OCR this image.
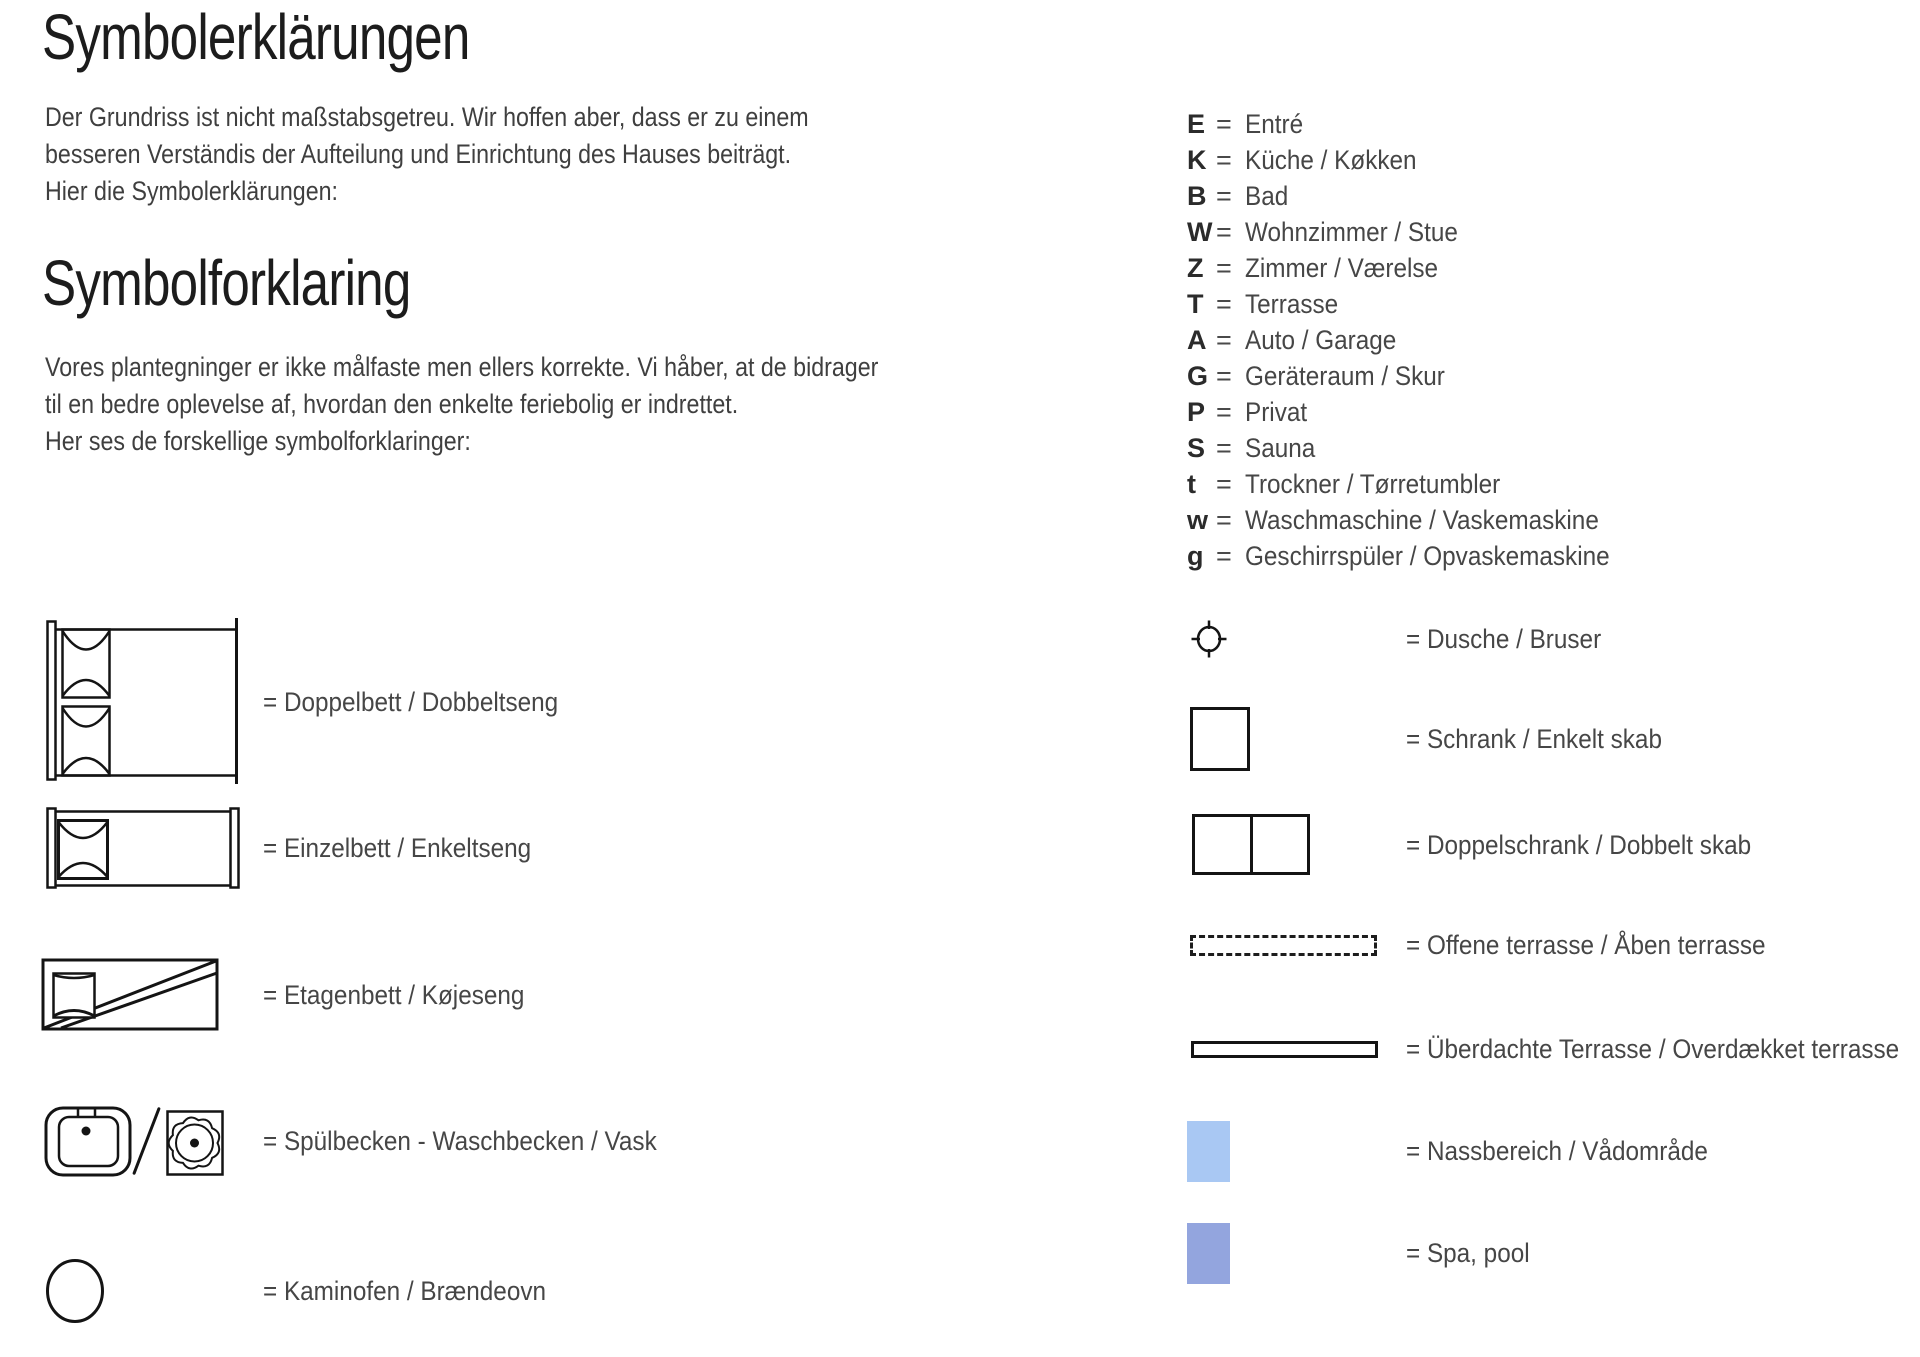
Symbolerklärungen
Der Grundriss ist nicht maßstabsgetreu. Wir hoffen aber, dass er zu einem
besseren Verständis der Aufteilung und Einrichtung des Hauses beiträgt.
Hier die Symbolerklärungen:
Symbolforklaring
Vores plantegninger er ikke målfaste men ellers korrekte. Vi håber, at de bidrager
til en bedre oplevelse af, hvordan den enkelte feriebolig er indrettet.
Her ses de forskellige symbolforklaringer:
= Doppelbett / Dobbeltseng
= Einzelbett / Enkeltseng
= Etagenbett / Køjeseng
= Spülbecken - Waschbecken / Vask
= Kaminofen / Brændeovn
E = Entré
K = Küche / Køkken
B = Bad
W = Wohnzimmer / Stue
Z = Zimmer / Værelse
T = Terrasse
A = Auto / Garage
G = Geräteraum / Skur
P = Privat
S = Sauna
t = Trockner / Tørretumbler
w = Waschmaschine / Vaskemaskine
g = Geschirrspüler / Opvaskemaskine
= Dusche / Bruser
= Schrank / Enkelt skab
= Doppelschrank / Dobbelt skab
= Offene terrasse / Åben terrasse
= Überdachte Terrasse / Overdækket terrasse
= Nassbereich / Vådområde
= Spa, pool
